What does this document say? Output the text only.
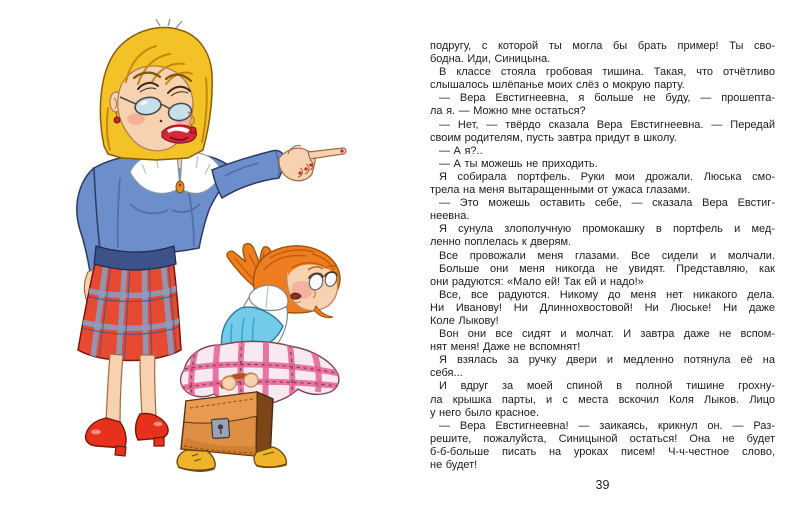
подругу, с которой ты могла бы брать пример! Ты сво-
бодна. Иди, Синицына.
В классе стояла гробовая тишина. Такая, что отчётливо
слышалось шлёпанье моих слёз о мокрую парту.
— Вера Евстигнеевна, я больше не буду, — прошепта-
ла я. — Можно мне остаться?
— Нет, — твёрдо сказала Вера Евстигнеевна. — Передай
своим родителям, пусть завтра придут в школу.
— А я?..
— А ты можешь не приходить.
Я собирала портфель. Руки мои дрожали. Люська смо-
трела на меня вытаращенными от ужаса глазами.
— Это можешь оставить себе, — сказала Вера Евстиг-
неевна.
Я сунула злополучную промокашку в портфель и мед-
ленно поплелась к дверям.
Все провожали меня глазами. Все сидели и молчали.
Больше они меня никогда не увидят. Представляю, как
они радуются: «Мало ей! Так ей и надо!»
Все, все радуются. Никому до меня нет никакого дела.
Ни Иванову! Ни Длиннохвостовой! Ни Люське! Ни даже
Коле Лыкову!
Вон они все сидят и молчат. И завтра даже не вспом-
нят меня! Даже не вспомнят!
Я взялась за ручку двери и медленно потянула её на
себя...
И вдруг за моей спиной в полной тишине грохну-
ла крышка парты, и с места вскочил Коля Лыков. Лицо
у него было красное.
— Вера Евстигнеевна! — заикаясь, крикнул он. — Раз-
решите, пожалуйста, Синицыной остаться! Она не будет
б-б-больше писать на уроках писем! Ч-ч-честное слово,
не будет!
39
